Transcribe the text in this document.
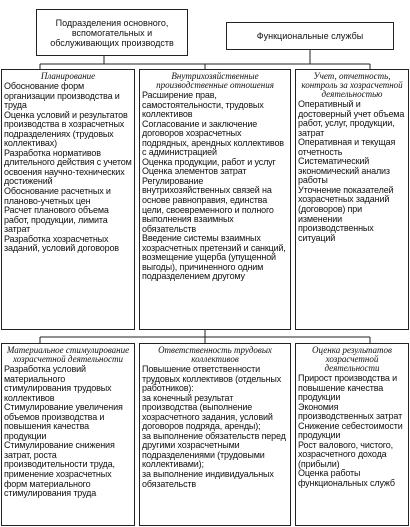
Подразделения основного, вспомогательных и обслуживающих производств
Функциональные службы
Планирование
Обоснование форм организации производства и труда
Оценка условий и результатов производства в хозрасчетных подразделениях (трудовых коллективах)
Разработка нормативов длительного действия с учетом освоения научно-технических достижений
Обоснование расчетных и планово-учетных цен
Расчет планового объема работ, продукции, лимита затрат
Разработка хозрасчетных заданий, условий договоров
Внутрихозяйственные производственные отношения
Расширение прав, самостоятельности, трудовых коллективов
Согласование и заключение договоров хозрасчетных подрядных, арендных коллективов с администрацией
Оценка продукции, работ и услуг
Оценка элементов затрат
Регулирование внутрихозяйственных связей на основе равноправия, единства цели, своевременного и полного выполнения взаимных обязательств
Введение системы взаимных хозрасчетных претензий и санкций, возмещение ущерба (упущенной выгоды), причиненного одним подразделением другому
Учет, отчетность, контроль за хозрасчетной деятельностью
Оперативный и достоверный учет объема работ, услуг, продукции, затрат
Оперативная и текущая отчетность
Систематический экономический анализ работы
Уточнение показателей хозрасчетных заданий (договоров) при изменении производственных ситуаций
Материальное стимулирование хозрасчетной деятельности
Разработка условий материального стимулирования трудовых коллективов
Стимулирование увеличения объемов производства и повышения качества продукции
Стимулирование снижения затрат, роста производительности труда, применение хозрасчетных форм материального стимулирования труда
Ответственность трудовых коллективов
Повышение ответственности трудовых коллективов (отдельных работников):
за конечный результат производства (выполнение хозрасчетного задания, условий договоров подряда, аренды);
за выполнение обязательств перед другими хозрасчетными подразделениями (трудовыми коллективами);
за выполнение индивидуальных обязательств
Оценка результатов хозрасчетной деятельности
Прирост производства и повышение качества продукции
Экономия производственных затрат
Снижение себестоимости продукции
Рост валового, чистого, хозрасчетного дохода (прибыли)
Оценка работы функциональных служб
